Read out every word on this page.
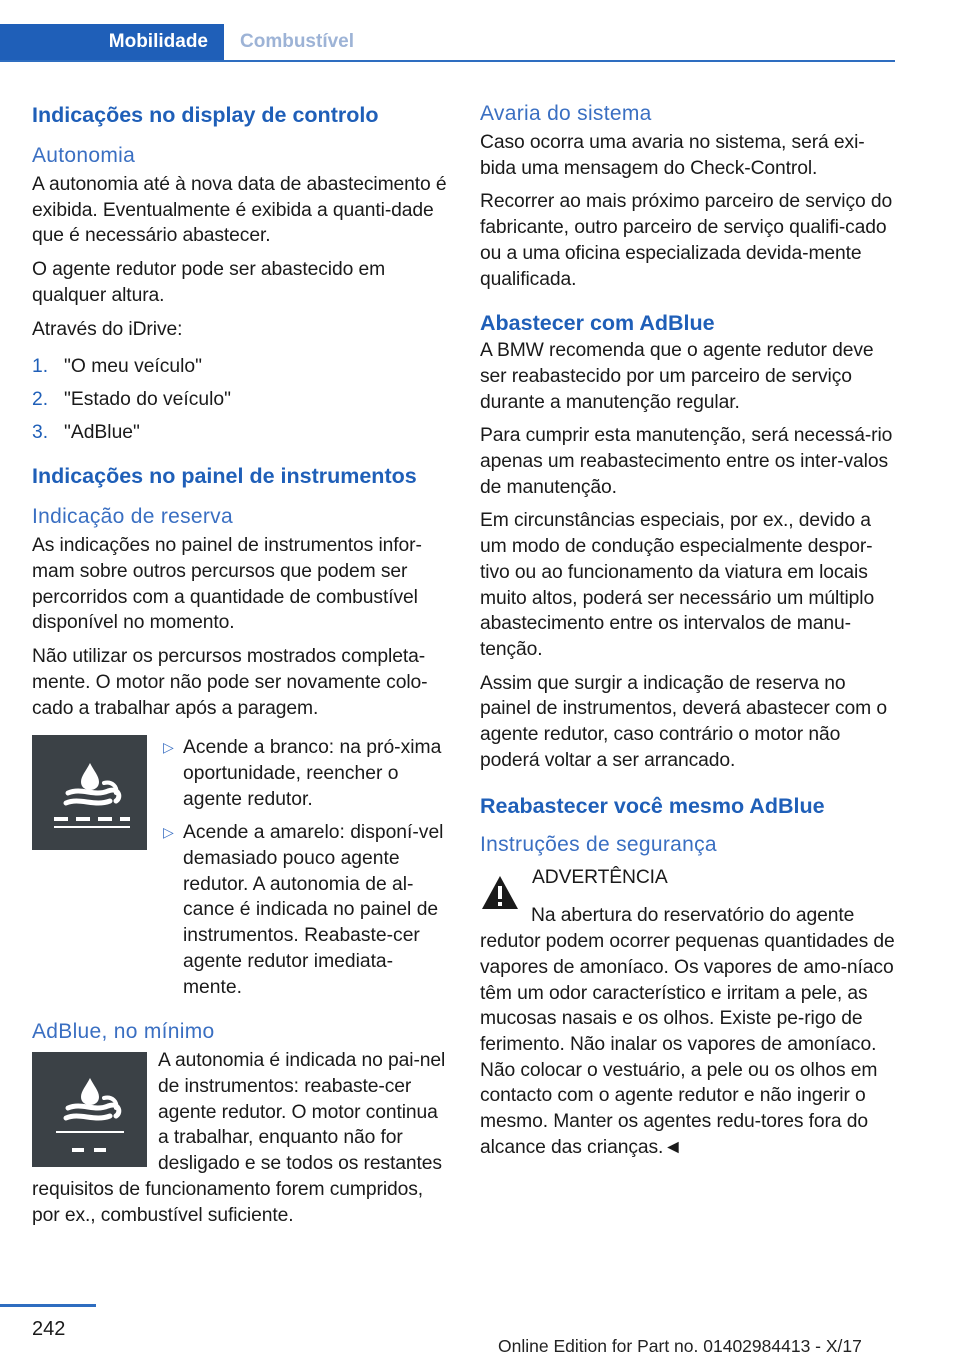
Mobilidade	Combustível
Indicações no display de controlo
Autonomia

A autonomia até à nova data de abastecimento é exibida. Eventualmente é exibida a quanti-dade que é necessário abastecer.

O agente redutor pode ser abastecido em qualquer altura.

Através do iDrive:

1. "O meu veículo"
2. "Estado do veículo"
3. "AdBlue"
Indicações no painel de instrumentos
Indicação de reserva

As indicações no painel de instrumentos infor-mam sobre outros percursos que podem ser percorridos com a quantidade de combustível disponível no momento.

Não utilizar os percursos mostrados completa-mente. O motor não pode ser novamente colo-cado a trabalhar após a paragem.

▷ Acende a branco: na pró-xima oportunidade, reencher o agente redutor.
▷ Acende a amarelo: disponí-vel demasiado pouco agente redutor. A autonomia de al-cance é indicada no painel de instrumentos. Reabaste-cer agente redutor imediata-mente.
AdBlue, no mínimo

A autonomia é indicada no pai-nel de instrumentos: reabaste-cer agente redutor. O motor continua a trabalhar, enquanto não for desligado e se todos os restantes requisitos de funcionamento forem cumpridos, por ex., combustível suficiente.

Avaria do sistema

Caso ocorra uma avaria no sistema, será exi-bida uma mensagem do Check-Control.

Recorrer ao mais próximo parceiro de serviço do fabricante, outro parceiro de serviço qualifi-cado ou a uma oficina especializada devida-mente qualificada.

Abastecer com AdBlue

A BMW recomenda que o agente redutor deve ser reabastecido por um parceiro de serviço durante a manutenção regular.

Para cumprir esta manutenção, será necessá-rio apenas um reabastecimento entre os inter-valos de manutenção.

Em circunstâncias especiais, por ex., devido a um modo de condução especialmente despor-tivo ou ao funcionamento da viatura em locais muito altos, poderá ser necessário um múltiplo abastecimento entre os intervalos de manu-tenção.

Assim que surgir a indicação de reserva no painel de instrumentos, deverá abastecer com o agente redutor, caso contrário o motor não poderá voltar a ser arrancado.

Reabastecer você mesmo AdBlue
Instruções de segurança

ADVERTÊNCIA

Na abertura do reservatório do agente redutor podem ocorrer pequenas quantidades de vapores de amoníaco. Os vapores de amo-níaco têm um odor característico e irritam a pele, as mucosas nasais e os olhos. Existe pe-rigo de ferimento. Não inalar os vapores de amoníaco. Não colocar o vestuário, a pele ou os olhos em contacto com o agente redutor e não ingerir o mesmo. Manter os agentes redu-tores fora do alcance das crianças.◄

242
Online Edition for Part no. 01402984413 - X/17
